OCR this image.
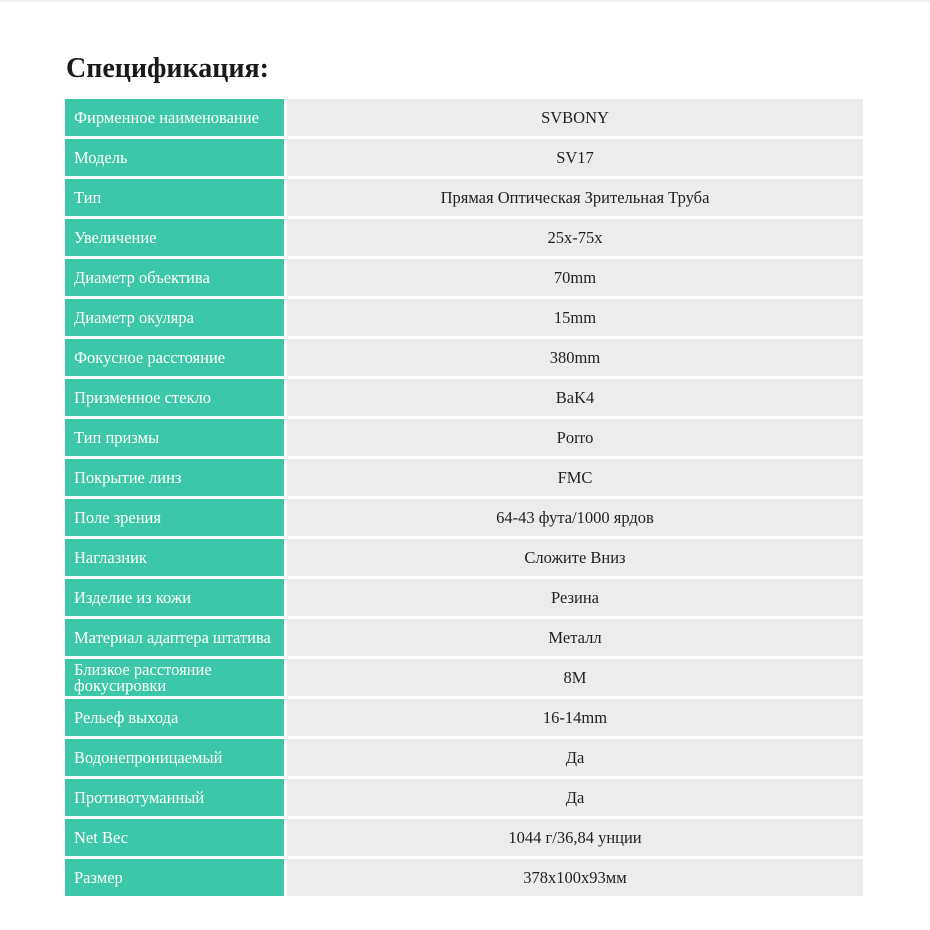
Спецификация:
Фирменное наименование	SVBONY
Модель	SV17
Тип	Прямая Оптическая Зрительная Труба
Увеличение	25x-75x
Диаметр объектива	70mm
Диаметр окуляра	15mm
Фокусное расстояние	380mm
Призменное стекло	BaK4
Тип призмы	Porro
Покрытие линз	FMC
Поле зрения	64-43 фута/1000 ярдов
Наглазник	Сложите Вниз
Изделие из кожи	Резина
Материал адаптера штатива	Металл
Близкое расстояние фокусировки	8M
Рельеф выхода	16-14mm
Водонепроницаемый	Да
Противотуманный	Да
Net Вес	1044 г/36,84 унции
Размер	378x100x93мм
